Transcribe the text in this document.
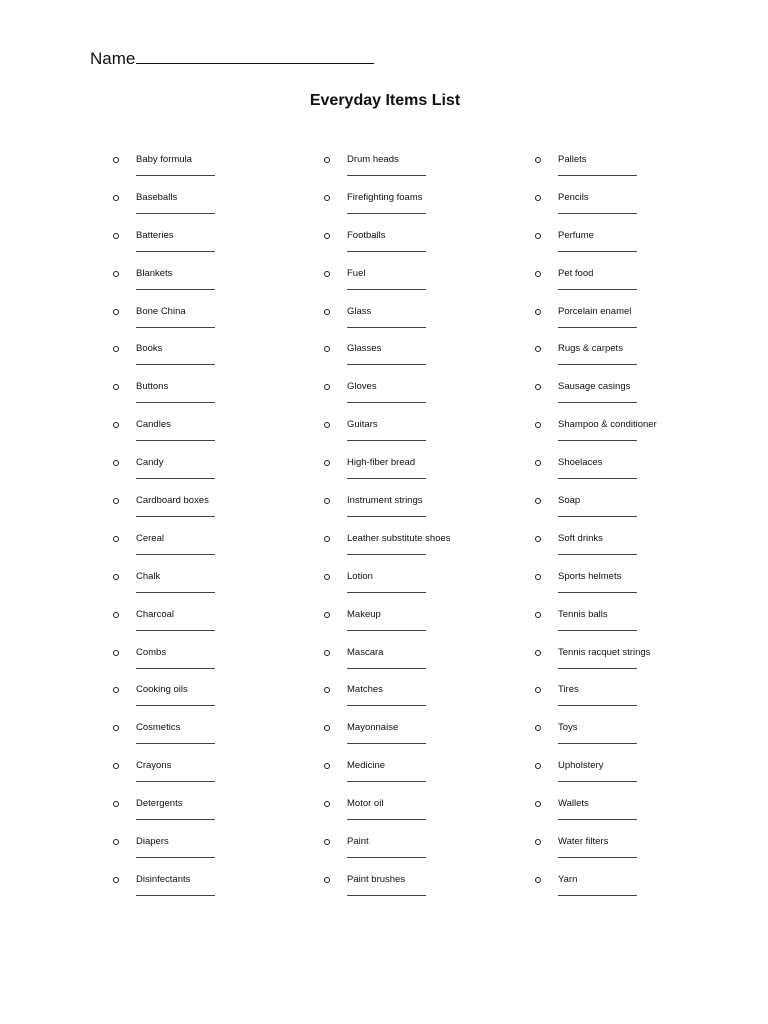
Name
Everyday Items List
Baby formula
Baseballs
Batteries
Blankets
Bone China
Books
Buttons
Candles
Candy
Cardboard boxes
Cereal
Chalk
Charcoal
Combs
Cooking oils
Cosmetics
Crayons
Detergents
Diapers
Disinfectants
Drum heads
Firefighting foams
Footballs
Fuel
Glass
Glasses
Gloves
Guitars
High-fiber bread
Instrument strings
Leather substitute shoes
Lotion
Makeup
Mascara
Matches
Mayonnaise
Medicine
Motor oil
Paint
Paint brushes
Pallets
Pencils
Perfume
Pet food
Porcelain enamel
Rugs & carpets
Sausage casings
Shampoo & conditioner
Shoelaces
Soap
Soft drinks
Sports helmets
Tennis balls
Tennis racquet strings
Tires
Toys
Upholstery
Wallets
Water filters
Yarn
